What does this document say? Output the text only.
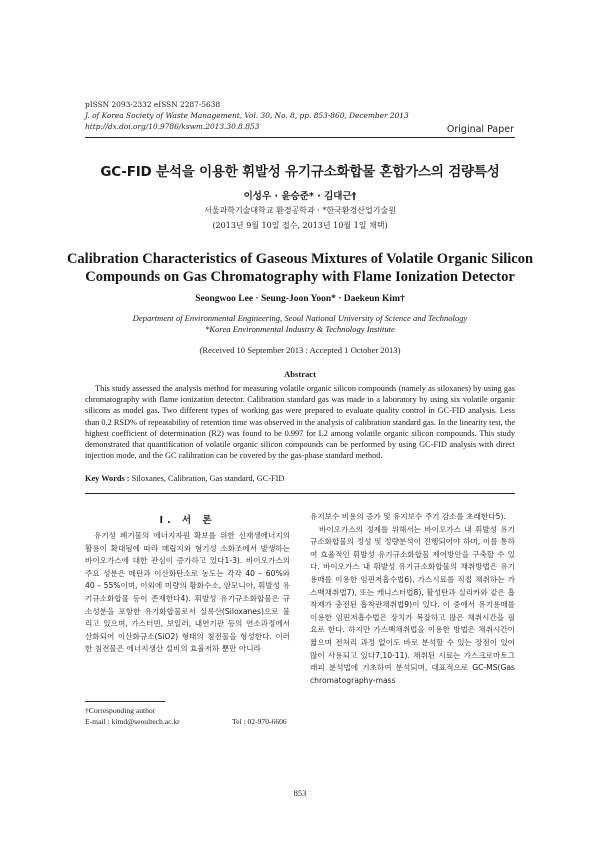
pISSN 2093-2332 eISSN 2287-5638
J. of Korea Society of Waste Management, Vol. 30, No. 8, pp. 853-860, December 2013
http://dx.doi.org/10.9786/kswm.2013.30.8.853	Original Paper
GC-FID 분석을 이용한 휘발성 유기규소화합물 혼합가스의 검량특성
이성우 · 윤승준* · 김대근†
서울과학기술대학교 환경공학과 · *한국환경산업기술원
(2013년 9월 10일 접수, 2013년 10월 1일 채택)
Calibration Characteristics of Gaseous Mixtures of Volatile Organic Silicon
Compounds on Gas Chromatography with Flame Ionization Detector
Seongwoo Lee · Seung-Joon Yoon* · Daekeun Kim†
Department of Environmental Engineering, Seoul National University of Science and Technology
*Korea Environmental Industry & Technology Institute
(Received 10 September 2013 : Accepted 1 October 2013)
Abstract
This study assessed the analysis method for measuring volatile organic silicon compounds (namely as siloxanes) by using gas chromatography with flame ionization detector. Calibration standard gas was made in a laboratory by using six volatile organic silicons as model gas. Two different types of working gas were prepared to evaluate quality control in GC-FID analysis. Less than 0.2 RSD% of repeatability of retention time was observed in the analysis of calibration standard gas. In the linearity test, the highest coefficient of determination (R2) was found to be 0.997 for L2 among volatile organic silicon compounds. This study demonstrated that quantification of volatile organic silicon compounds can be performed by using GC-FID analysis with direct injection mode, and the GC calibration can be covered by the gas-phase standard method.
Key Words : Siloxanes, Calibration, Gas standard, GC-FID
I. 서 론

유기성 폐기물의 에너지자원 확보를 위한 신재생에너지의 활용이 확대됨에 따라 매립지와 혐기성 소화조에서 발생하는 바이오가스에 대한 관심이 증가하고 있다1-3). 바이오가스의 주요 성분은 메탄과 이산화탄소로 농도는 각각 40 – 60%와 40 – 55%이며, 이외에 미량의 황화수소, 암모니아, 휘발성 유기규소화합물 등이 존재한다4). 휘발성 유기규소화합물은 규소성분을 포함한 유기화합물로서 실록산(Siloxanes)으로 불리고 있으며, 가스터빈, 보일러, 내연기관 등의 연소과정에서 산화되어 이산화규소(SiO2) 형태의 침전물을 형성한다. 이러한 침전물은 에너지생산 설비의 효율저하 뿐만 아니라

유지보수 비용의 증가 및 유지보수 주기 감소를 초래한다5).

바이오가스의 정제를 위해서는 바이오가스 내 휘발성 유기규소화합물의 정성 및 정량분석이 진행되어야 하며, 이를 통하여 효율적인 휘발성 유기규소화합물 제어방안을 구축할 수 있다. 바이오가스 내 휘발성 유기규소화합물의 채취방법은 유기용매를 이용한 임핀저흡수법6), 가스시료를 직접 채취하는 가스백채취법7), 또는 캐니스터법8), 활성탄과 실리카와 같은 흡착제가 충전된 흡착관채취법9)이 있다. 이 중에서 유기용매를 이용한 임핀저흡수법은 장치가 복잡하고 많은 채취시간을 필요로 한다. 하지만 가스백채취법을 이용한 방법은 채취시간이 짧으며 전처리 과정 없이도 바로 분석할 수 있는 장점이 있어 많이 사용되고 있다7,10-11). 채취된 시료는 가스크로마토그래피 분석법에 기초하여 분석되며, 대표적으로 GC-MS(Gas chromatography-mass

†Corresponding author
E-mail : kimd@seoultech.ac.kr	Tel : 02-970-6606
853
